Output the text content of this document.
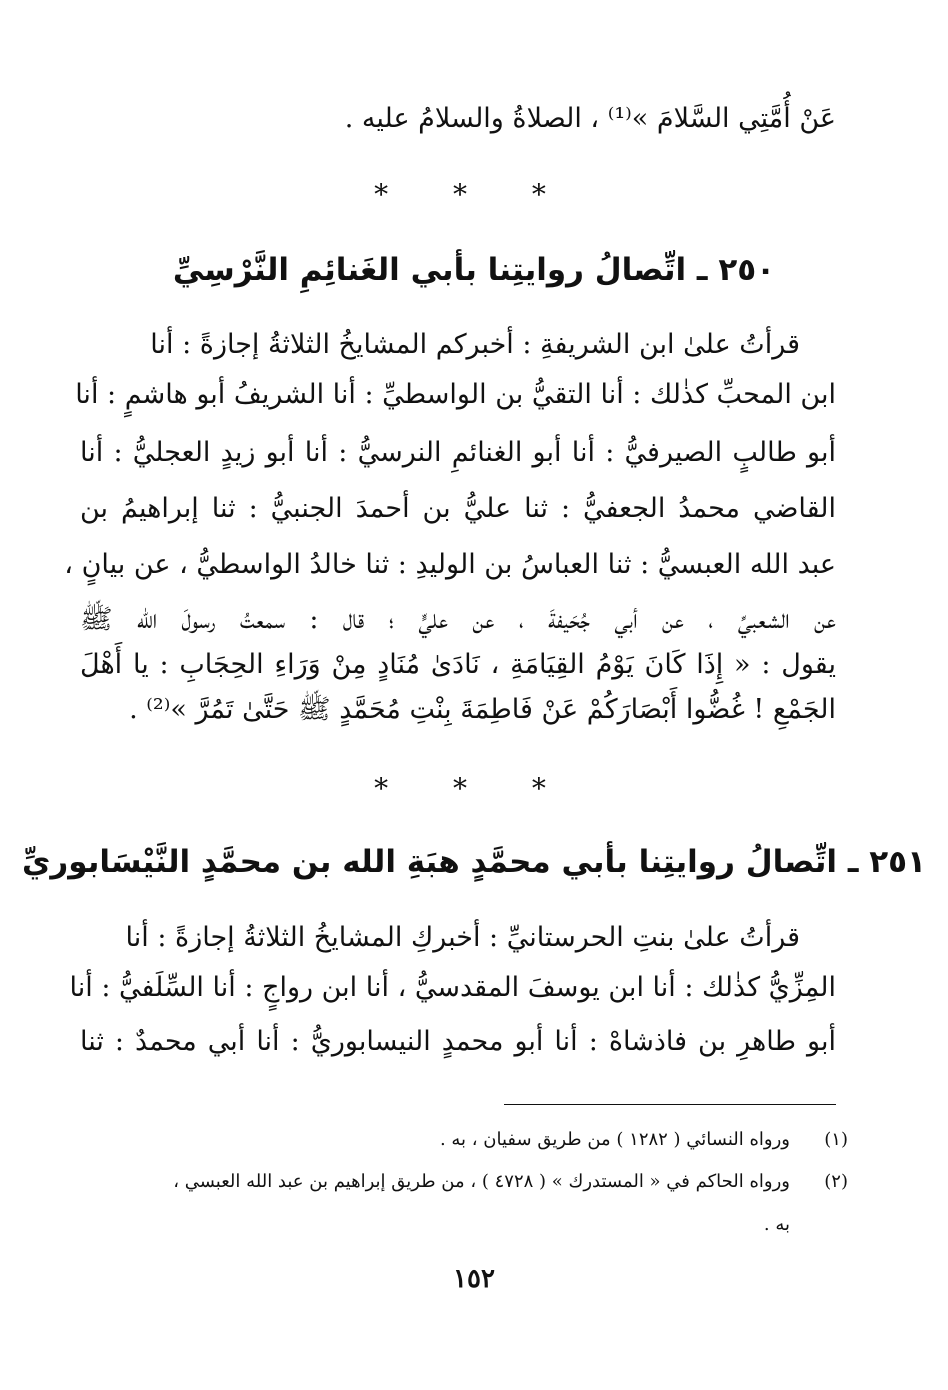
عَنْ أُمَّتِي السَّلامَ »⁽¹⁾ ، الصلاةُ والسلامُ عليه .
* * *
٢٥٠ ـ اتِّصالُ روايتِنا بأبي الغَنائِمِ النَّرْسِيِّ
قرأتُ علىٰ ابن الشريفةِ : أخبركم المشايخُ الثلاثةُ إجازةً : أنا
ابن المحبِّ كذٰلك : أنا التقيُّ بن الواسطيِّ : أنا الشريفُ أبو هاشمٍ : أنا
أبو طالبٍ الصيرفيُّ : أنا أبو الغنائمِ النرسيُّ : أنا أبو زيدٍ العجليُّ : أنا
القاضي محمدُ الجعفيُّ : ثنا عليُّ بن أحمدَ الجنبيُّ : ثنا إبراهيمُ بن
عبد الله العبسيُّ : ثنا العباسُ بن الوليدِ : ثنا خالدُ الواسطيُّ ، عن بيانٍ ،
عن الشعبيِّ ، عن أبي جُحَيفةَ ، عن عليٍّ ؛ قال : سمعتُ رسولَ الله ﷺ
يقول : « إِذَا كَانَ يَوْمُ القِيَامَةِ ، نَادَىٰ مُنَادٍ مِنْ وَرَاءِ الحِجَابِ : يا أَهْلَ
الجَمْعِ ! غُضُّوا أَبْصَارَكُمْ عَنْ فَاطِمَةَ بِنْتِ مُحَمَّدٍ ﷺ حَتَّىٰ تَمُرَّ »⁽²⁾ .
* * *
٢٥١ ـ اتِّصالُ روايتِنا بأبي محمَّدٍ هبَةِ الله بن محمَّدٍ النَّيْسَابوريِّ
قرأتُ علىٰ بنتِ الحرستانيِّ : أخبركِ المشايخُ الثلاثةُ إجازةً : أنا
المِزِّيُّ كذٰلك : أنا ابن يوسفَ المقدسيُّ ، أنا ابن رواجٍ : أنا السِّلَفيُّ : أنا
أبو طاهرِ بن فاذشاهْ : أنا أبو محمدٍ النيسابوريُّ : أنا أبي محمدٌ : ثنا
(١)ورواه النسائي ( ١٢٨٢ ) من طريق سفيان ، به .
(٢)ورواه الحاكم في « المستدرك » ( ٤٧٢٨ ) ، من طريق إبراهيم بن عبد الله العبسي ،
به .
١٥٢
